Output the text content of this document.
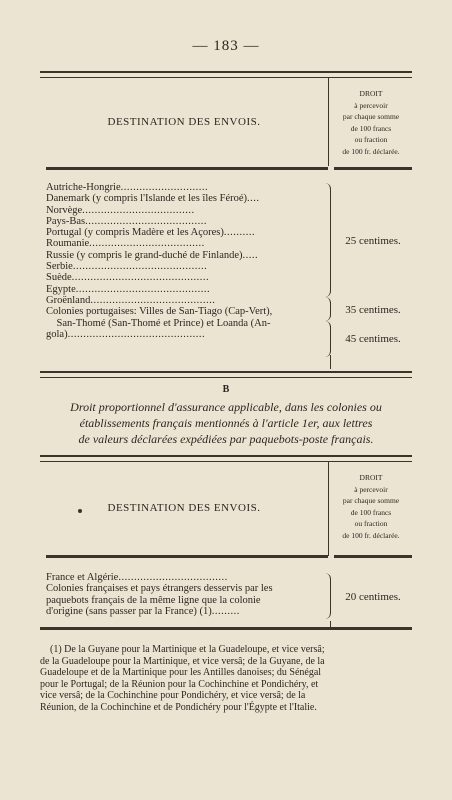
— 183 —
DESTINATION DES ENVOIS.
DROIT
à percevoir
par chaque somme
de 100 francs
ou fraction
de 100 fr. déclarée.
Autriche-Hongrie............................
Danemark (y compris l'Islande et les îles Féroé)....
Norvège....................................
Pays-Bas.......................................
Portugal (y compris Madère et les Açores)..........
Roumanie.....................................
Russie (y compris le grand-duché de Finlande).....
Serbie...........................................
Suède............................................
Egypte...........................................
Groënland........................................
Colonies portugaises: Villes de San-Tiago (Cap-Vert),
San-Thomé (San-Thomé et Prince) et Loanda (An-
gola)............................................
25 centimes.
35 centimes.
45 centimes.
B
Droit proportionnel d'assurance applicable, dans les colonies ou
établissements français mentionnés à l'article 1er, aux lettres
de valeurs déclarées expédiées par paquebots-poste français.
DESTINATION DES ENVOIS.
DROIT
à percevoir
par chaque somme
de 100 francs
ou fraction
de 100 fr. déclarée.
France et Algérie...................................
Colonies françaises et pays étrangers desservis par les
paquebots français de la même ligne que la colonie
d'origine (sans passer par la France) (1).........
20 centimes.
(1) De la Guyane pour la Martinique et la Guadeloupe, et vice versâ;
de la Guadeloupe pour la Martinique, et vice versâ; de la Guyane, de la
Guadeloupe et de la Martinique pour les Antilles danoises; du Sénégal
pour le Portugal; de la Réunion pour la Cochinchine et Pondichéry, et
vice versâ; de la Cochinchine pour Pondichéry, et vice versâ; de la
Réunion, de la Cochinchine et de Pondichéry pour l'Égypte et l'Italie.
